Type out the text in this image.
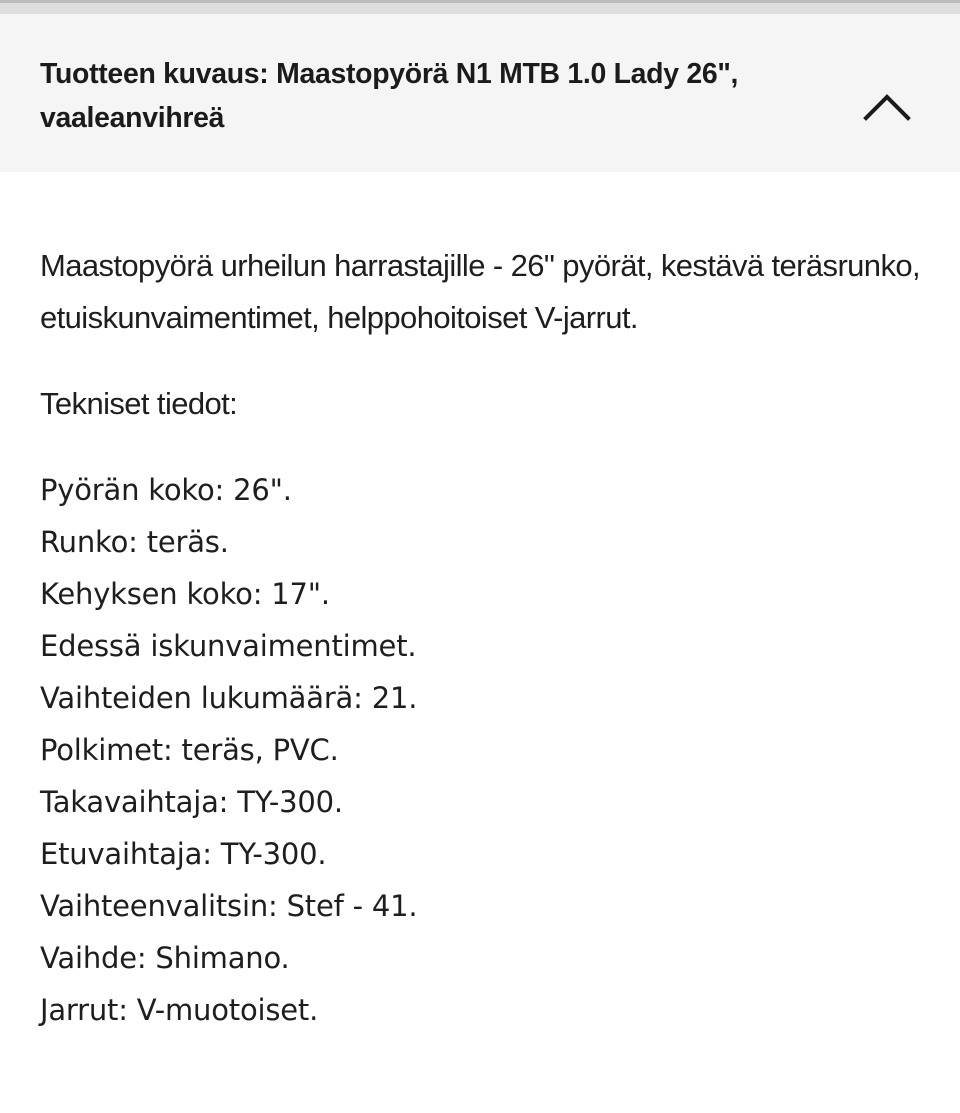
Tuotteen kuvaus: Maastopyörä N1 MTB 1.0 Lady 26", vaaleanvihreä

Maastopyörä urheilun harrastajille - 26" pyörät, kestävä teräsrunko, etuiskunvaimentimet, helppohoitoiset V-jarrut.

Tekniset tiedot:

Pyörän koko: 26".
Runko: teräs.
Kehyksen koko: 17".
Edessä iskunvaimentimet.
Vaihteiden lukumäärä: 21.
Polkimet: teräs, PVC.
Takavaihtaja: TY-300.
Etuvaihtaja: TY-300.
Vaihteenvalitsin: Stef - 41.
Vaihde: Shimano.
Jarrut: V-muotoiset.
